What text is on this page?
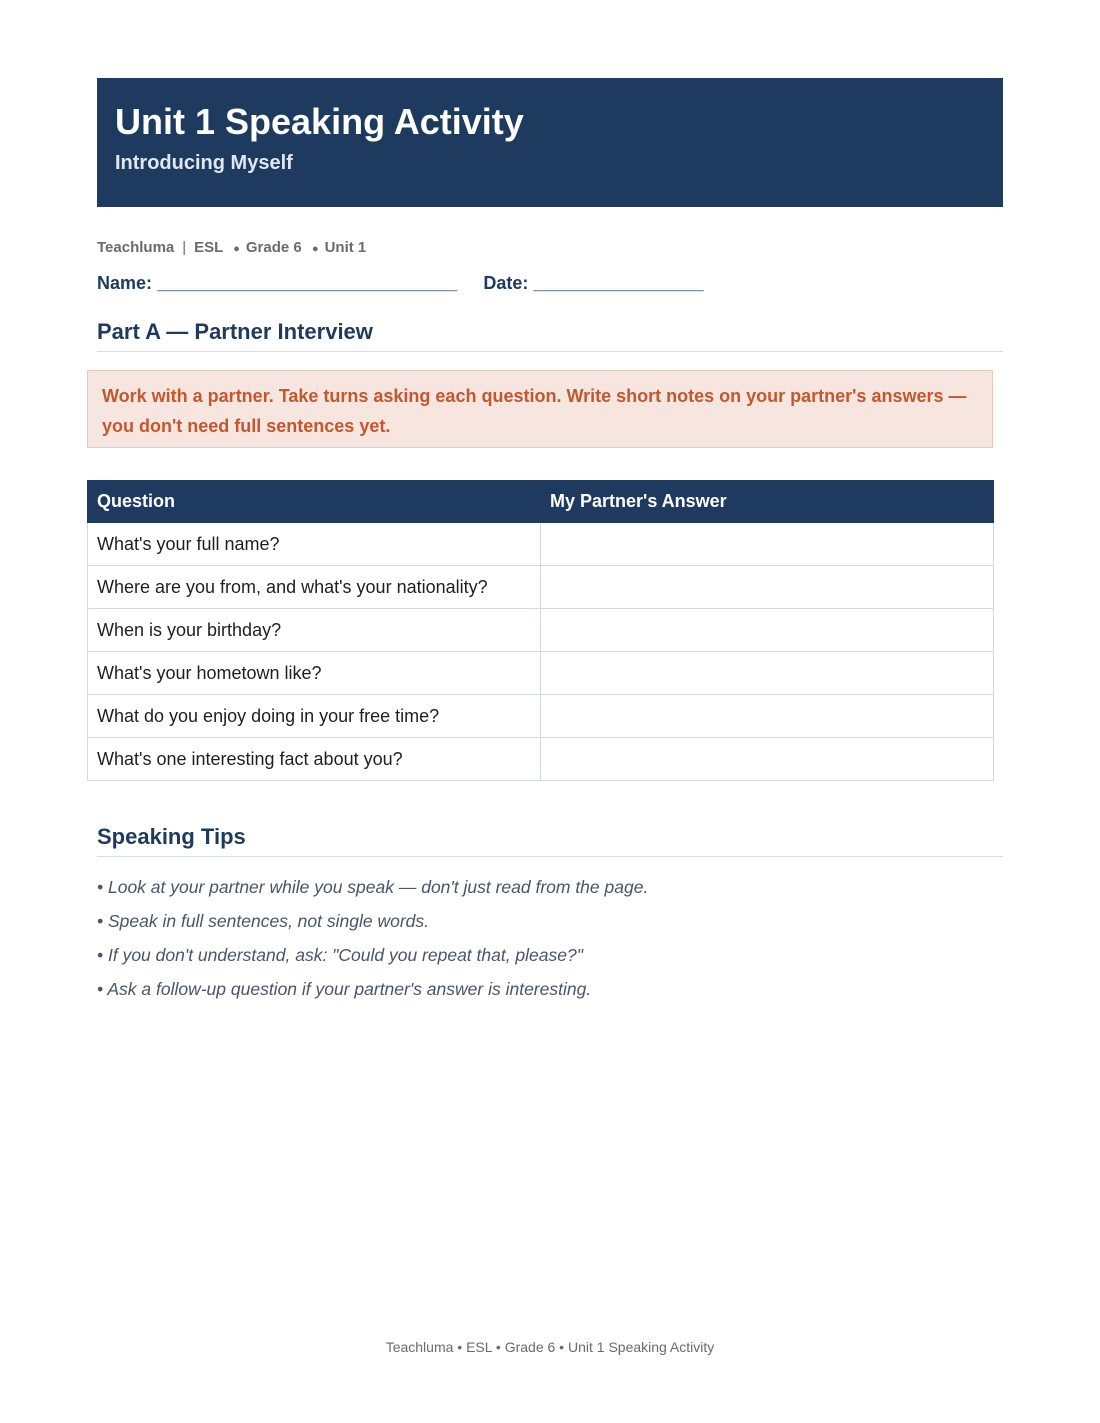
Unit 1 Speaking Activity
Introducing Myself
Teachluma | ESL ● Grade 6 ● Unit 1
Name: ______________________________ Date: _________________
Part A — Partner Interview
Work with a partner. Take turns asking each question. Write short notes on your partner's answers — you don't need full sentences yet.
Question	My Partner's Answer
What's your full name?	
Where are you from, and what's your nationality?	
When is your birthday?	
What's your hometown like?	
What do you enjoy doing in your free time?	
What's one interesting fact about you?	
Speaking Tips
• Look at your partner while you speak — don't just read from the page.
• Speak in full sentences, not single words.
• If you don't understand, ask: "Could you repeat that, please?"
• Ask a follow-up question if your partner's answer is interesting.
Teachluma • ESL • Grade 6 • Unit 1 Speaking Activity
